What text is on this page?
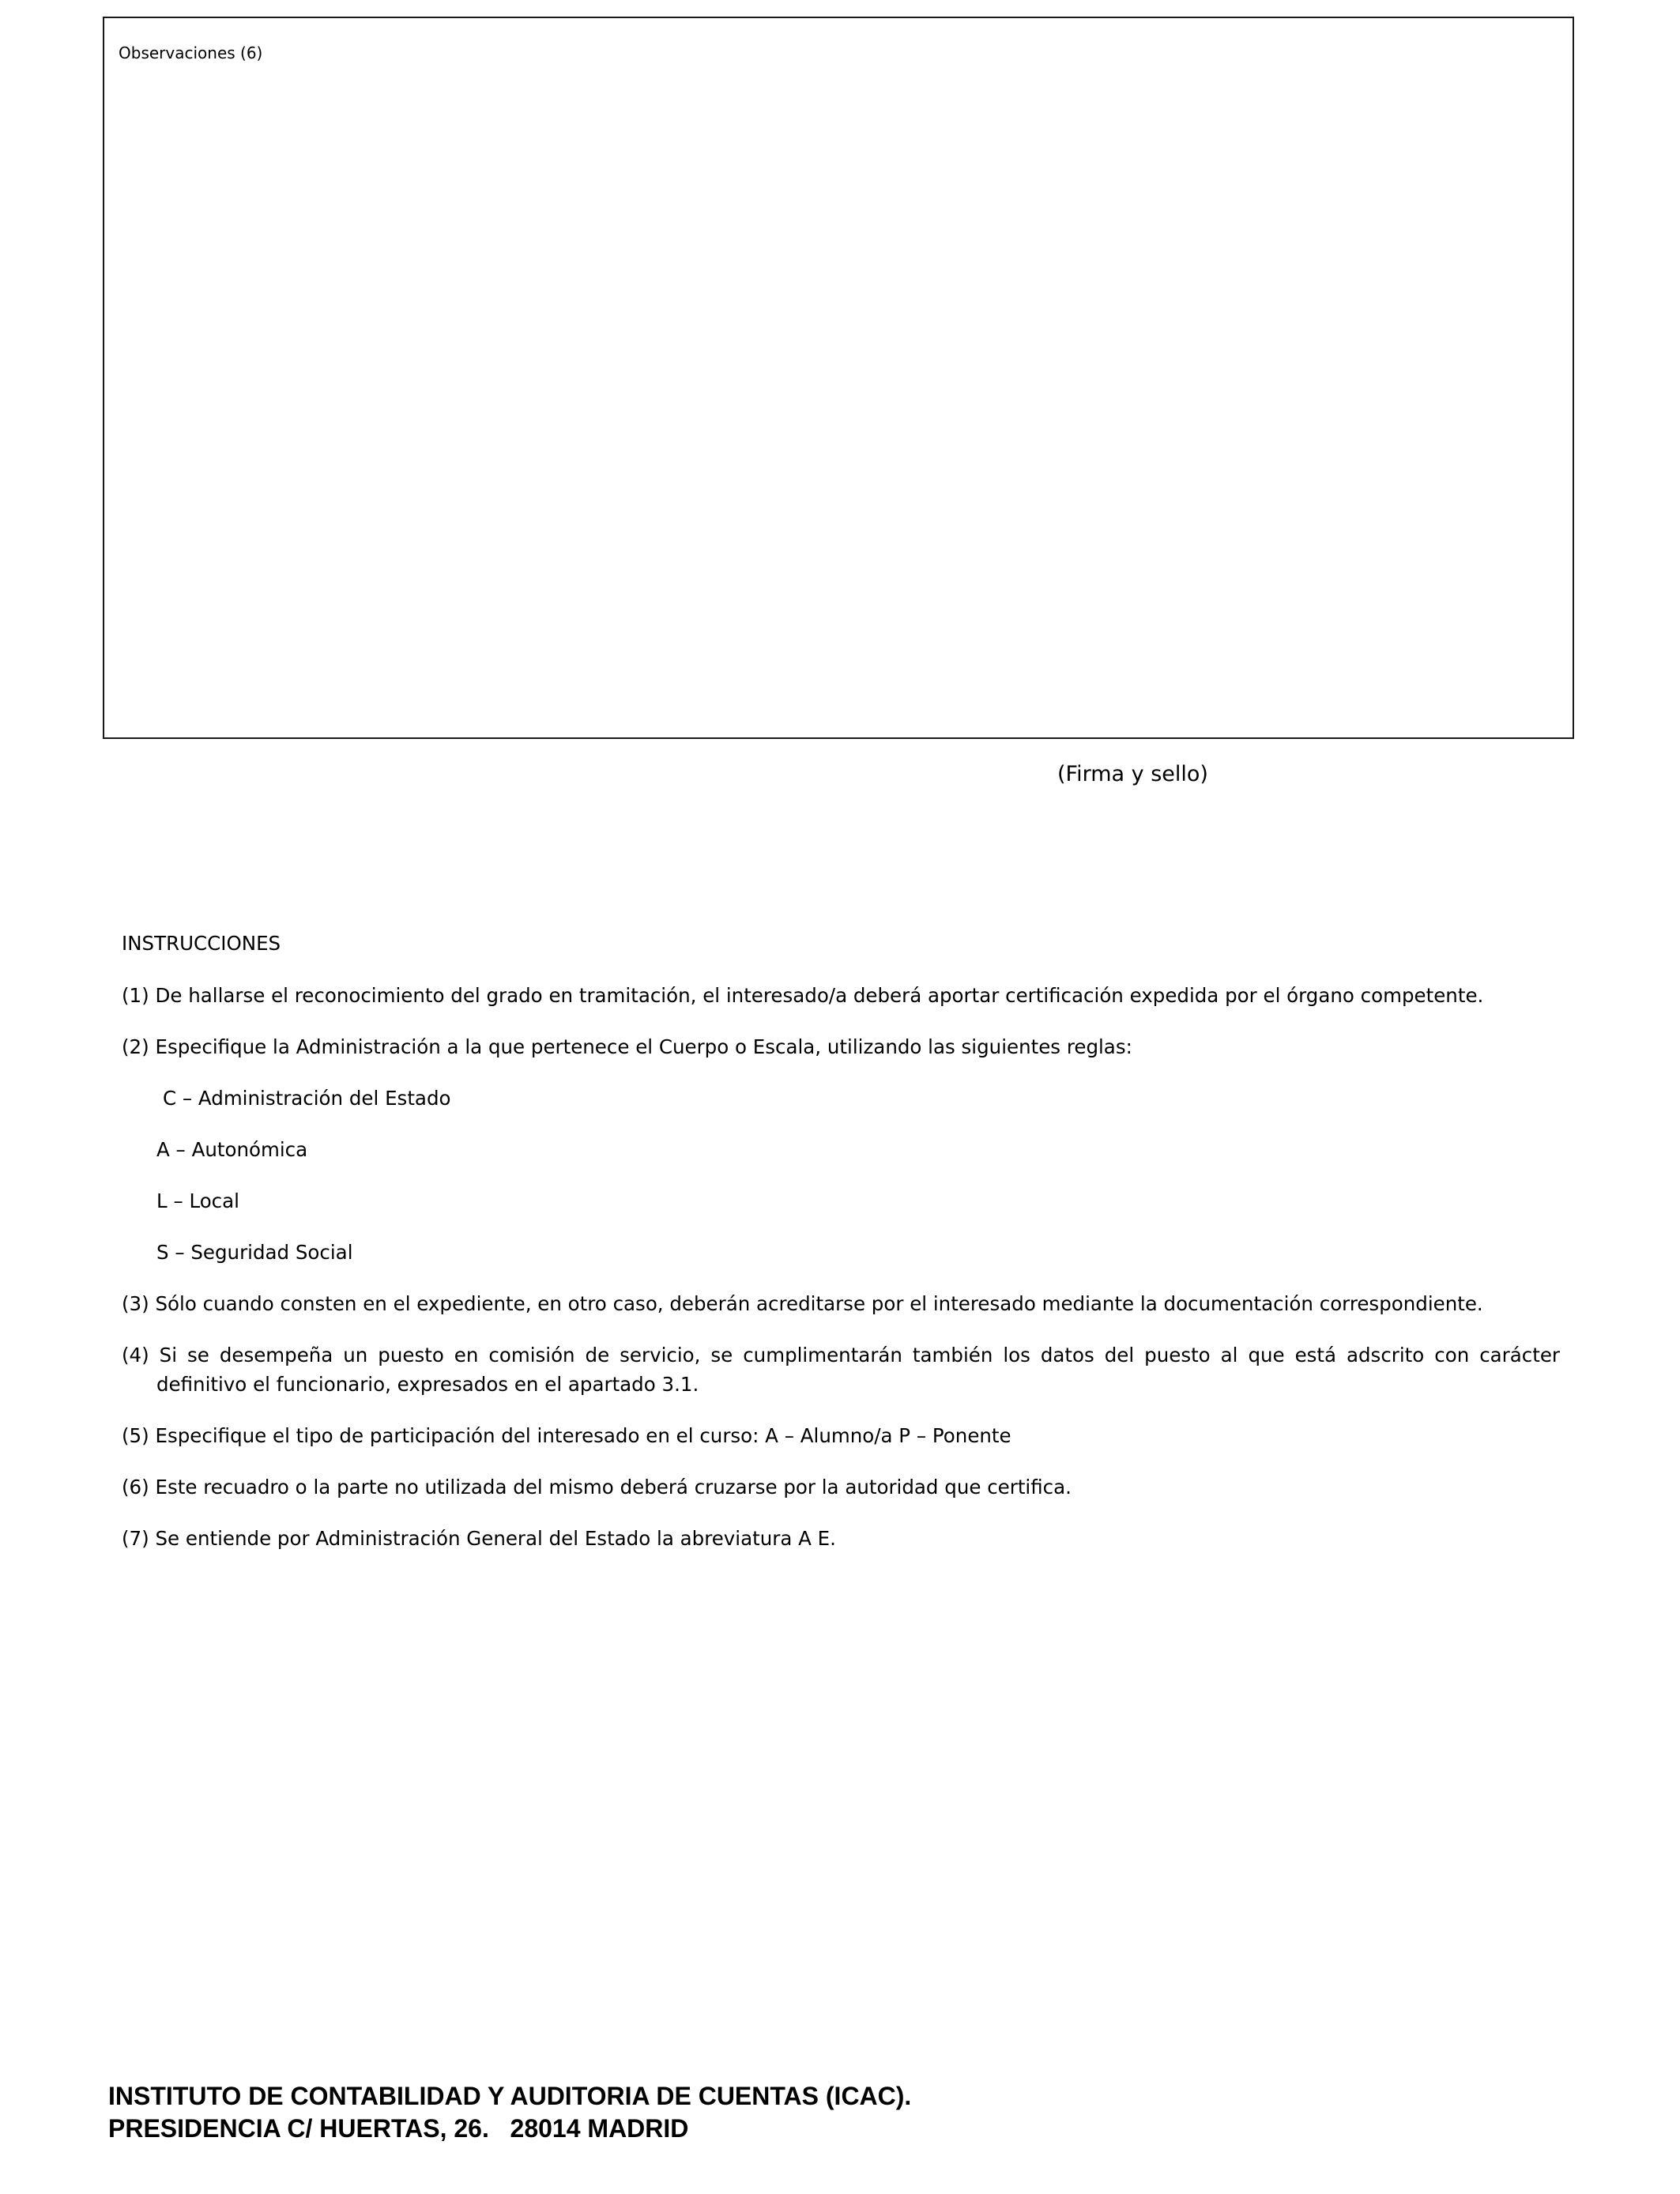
Observaciones (6)
(Firma y sello)
INSTRUCCIONES
(1) De hallarse el reconocimiento del grado en tramitación, el interesado/a deberá aportar certificación expedida por el órgano competente.
(2) Especifique la Administración a la que pertenece el Cuerpo o Escala, utilizando las siguientes reglas:
C – Administración del Estado
A – Autonómica
L – Local
S – Seguridad Social
(3) Sólo cuando consten en el expediente, en otro caso, deberán acreditarse por el interesado mediante la documentación correspondiente.
(4) Si se desempeña un puesto en comisión de servicio, se cumplimentarán también los datos del puesto al que está adscrito con carácter definitivo el funcionario, expresados en el apartado 3.1.
(5) Especifique el tipo de participación del interesado en el curso: A – Alumno/a P – Ponente
(6) Este recuadro o la parte no utilizada del mismo deberá cruzarse por la autoridad que certifica.
(7) Se entiende por Administración General del Estado la abreviatura A E.
INSTITUTO DE CONTABILIDAD Y AUDITORIA DE CUENTAS (ICAC).
PRESIDENCIA C/ HUERTAS, 26.   28014 MADRID
